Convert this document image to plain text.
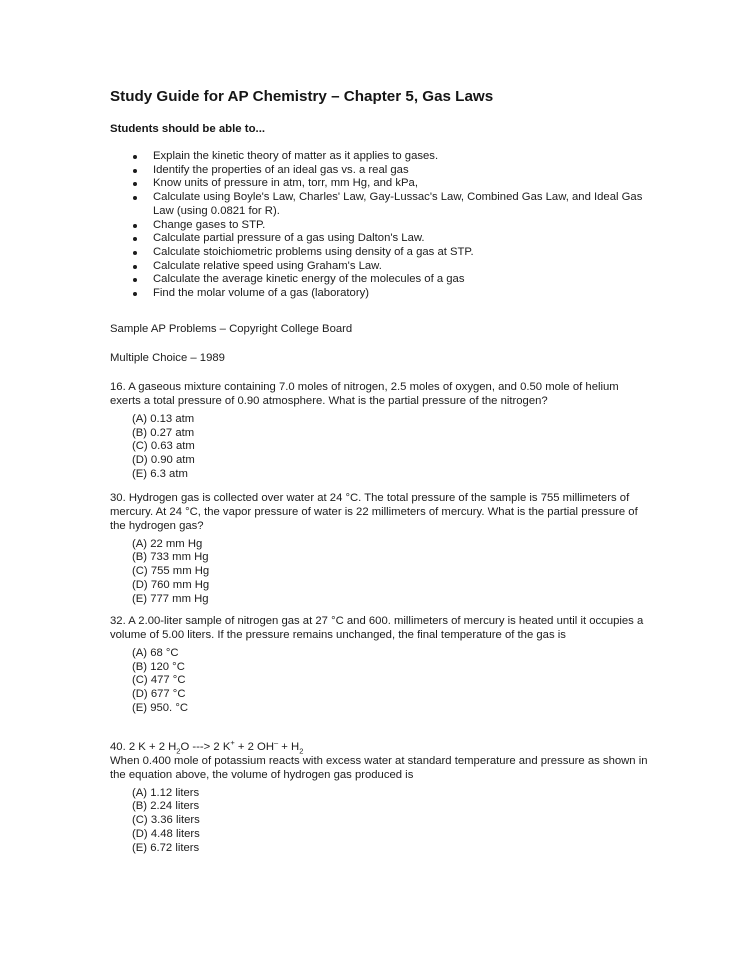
Study Guide for AP Chemistry – Chapter 5, Gas Laws
Students should be able to...
Explain the kinetic theory of matter as it applies to gases.
Identify the properties of an ideal gas vs. a real gas
Know units of pressure in atm, torr, mm Hg, and kPa,
Calculate using Boyle's Law, Charles' Law, Gay-Lussac's Law, Combined Gas Law, and Ideal Gas Law (using 0.0821 for R).
Change gases to STP.
Calculate partial pressure of a gas using Dalton's Law.
Calculate stoichiometric problems using density of a gas at STP.
Calculate relative speed using Graham's Law.
Calculate the average kinetic energy of the molecules of a gas
Find the molar volume of a gas (laboratory)
Sample AP Problems – Copyright College Board
Multiple Choice – 1989
16. A gaseous mixture containing 7.0 moles of nitrogen, 2.5 moles of oxygen, and 0.50 mole of helium exerts a total pressure of 0.90 atmosphere. What is the partial pressure of the nitrogen?
(A) 0.13 atm
(B) 0.27 atm
(C) 0.63 atm
(D) 0.90 atm
(E) 6.3 atm
30. Hydrogen gas is collected over water at 24 °C. The total pressure of the sample is 755 millimeters of mercury. At 24 °C, the vapor pressure of water is 22 millimeters of mercury. What is the partial pressure of the hydrogen gas?
(A) 22 mm Hg
(B) 733 mm Hg
(C) 755 mm Hg
(D) 760 mm Hg
(E) 777 mm Hg
32. A 2.00-liter sample of nitrogen gas at 27 °C and 600. millimeters of mercury is heated until it occupies a volume of 5.00 liters. If the pressure remains unchanged, the final temperature of the gas is
(A) 68 °C
(B) 120 °C
(C) 477 °C
(D) 677 °C
(E) 950. °C
40. 2 K + 2 $H_2O$ ---> 2 K+ + 2 $OH^- + H_2$
When 0.400 mole of potassium reacts with excess water at standard temperature and pressure as shown in the equation above, the volume of hydrogen gas produced is
(A) 1.12 liters
(B) 2.24 liters
(C) 3.36 liters
(D) 4.48 liters
(E) 6.72 liters
